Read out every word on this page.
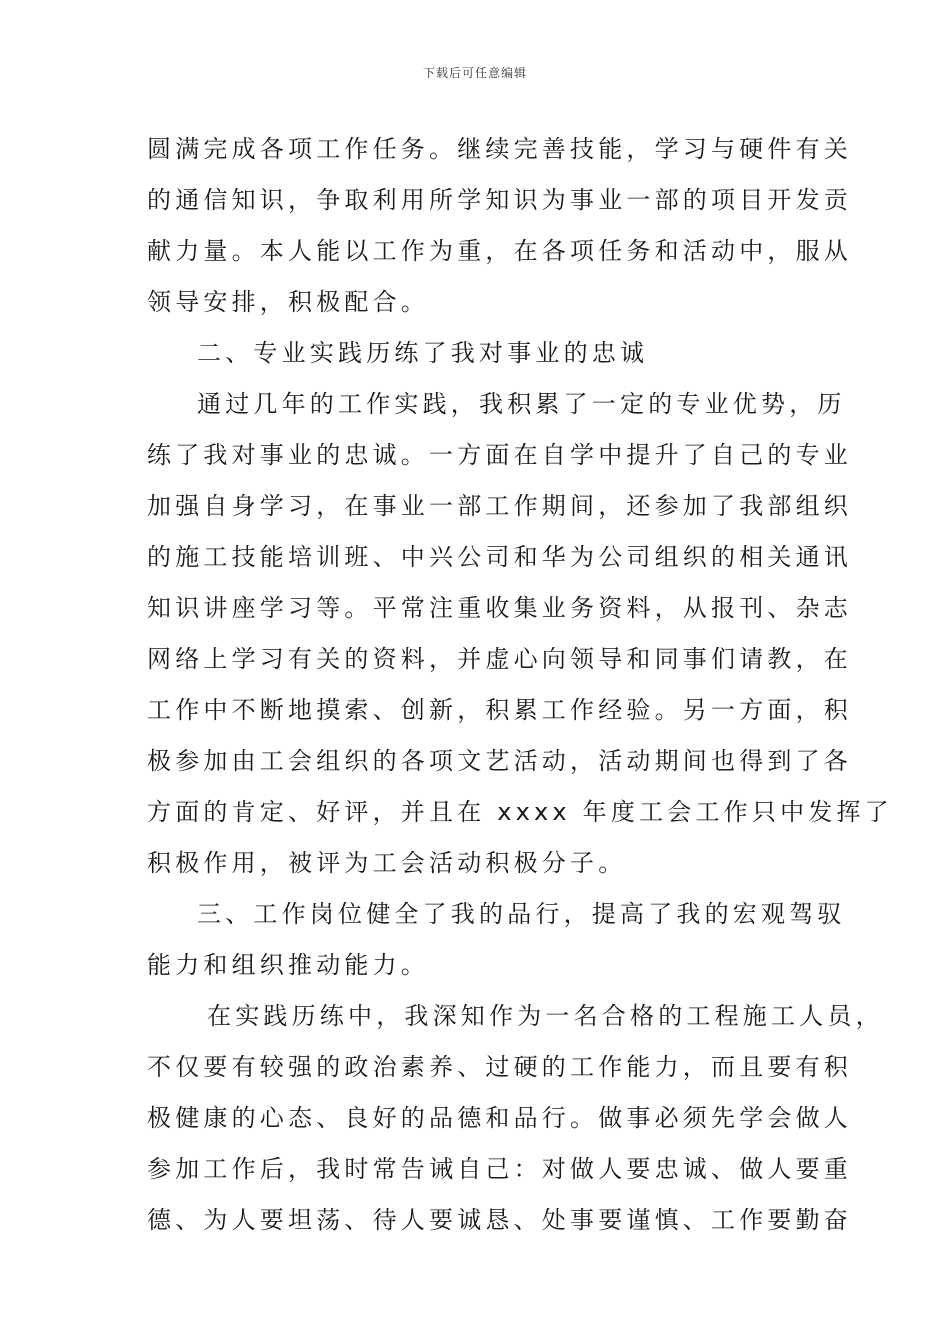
下载后可任意编辑
圆满完成各项工作任务。继续完善技能，学习与硬件有关
的通信知识，争取利用所学知识为事业一部的项目开发贡
献力量。本人能以工作为重，在各项任务和活动中，服从
领导安排，积极配合。
二、专业实践历练了我对事业的忠诚
通过几年的工作实践，我积累了一定的专业优势，历
练了我对事业的忠诚。一方面在自学中提升了自己的专业
加强自身学习，在事业一部工作期间，还参加了我部组织
的施工技能培训班、中兴公司和华为公司组织的相关通讯
知识讲座学习等。平常注重收集业务资料，从报刊、杂志
网络上学习有关的资料，并虚心向领导和同事们请教，在
工作中不断地摸索、创新，积累工作经验。另一方面，积
极参加由工会组织的各项文艺活动，活动期间也得到了各
方面的肯定、好评，并且在 xxxx 年度工会工作只中发挥了
积极作用，被评为工会活动积极分子。
三、工作岗位健全了我的品行，提高了我的宏观驾驭
能力和组织推动能力。
在实践历练中，我深知作为一名合格的工程施工人员，
不仅要有较强的政治素养、过硬的工作能力，而且要有积
极健康的心态、良好的品德和品行。做事必须先学会做人
参加工作后，我时常告诫自己：对做人要忠诚、做人要重
德、为人要坦荡、待人要诚恳、处事要谨慎、工作要勤奋
